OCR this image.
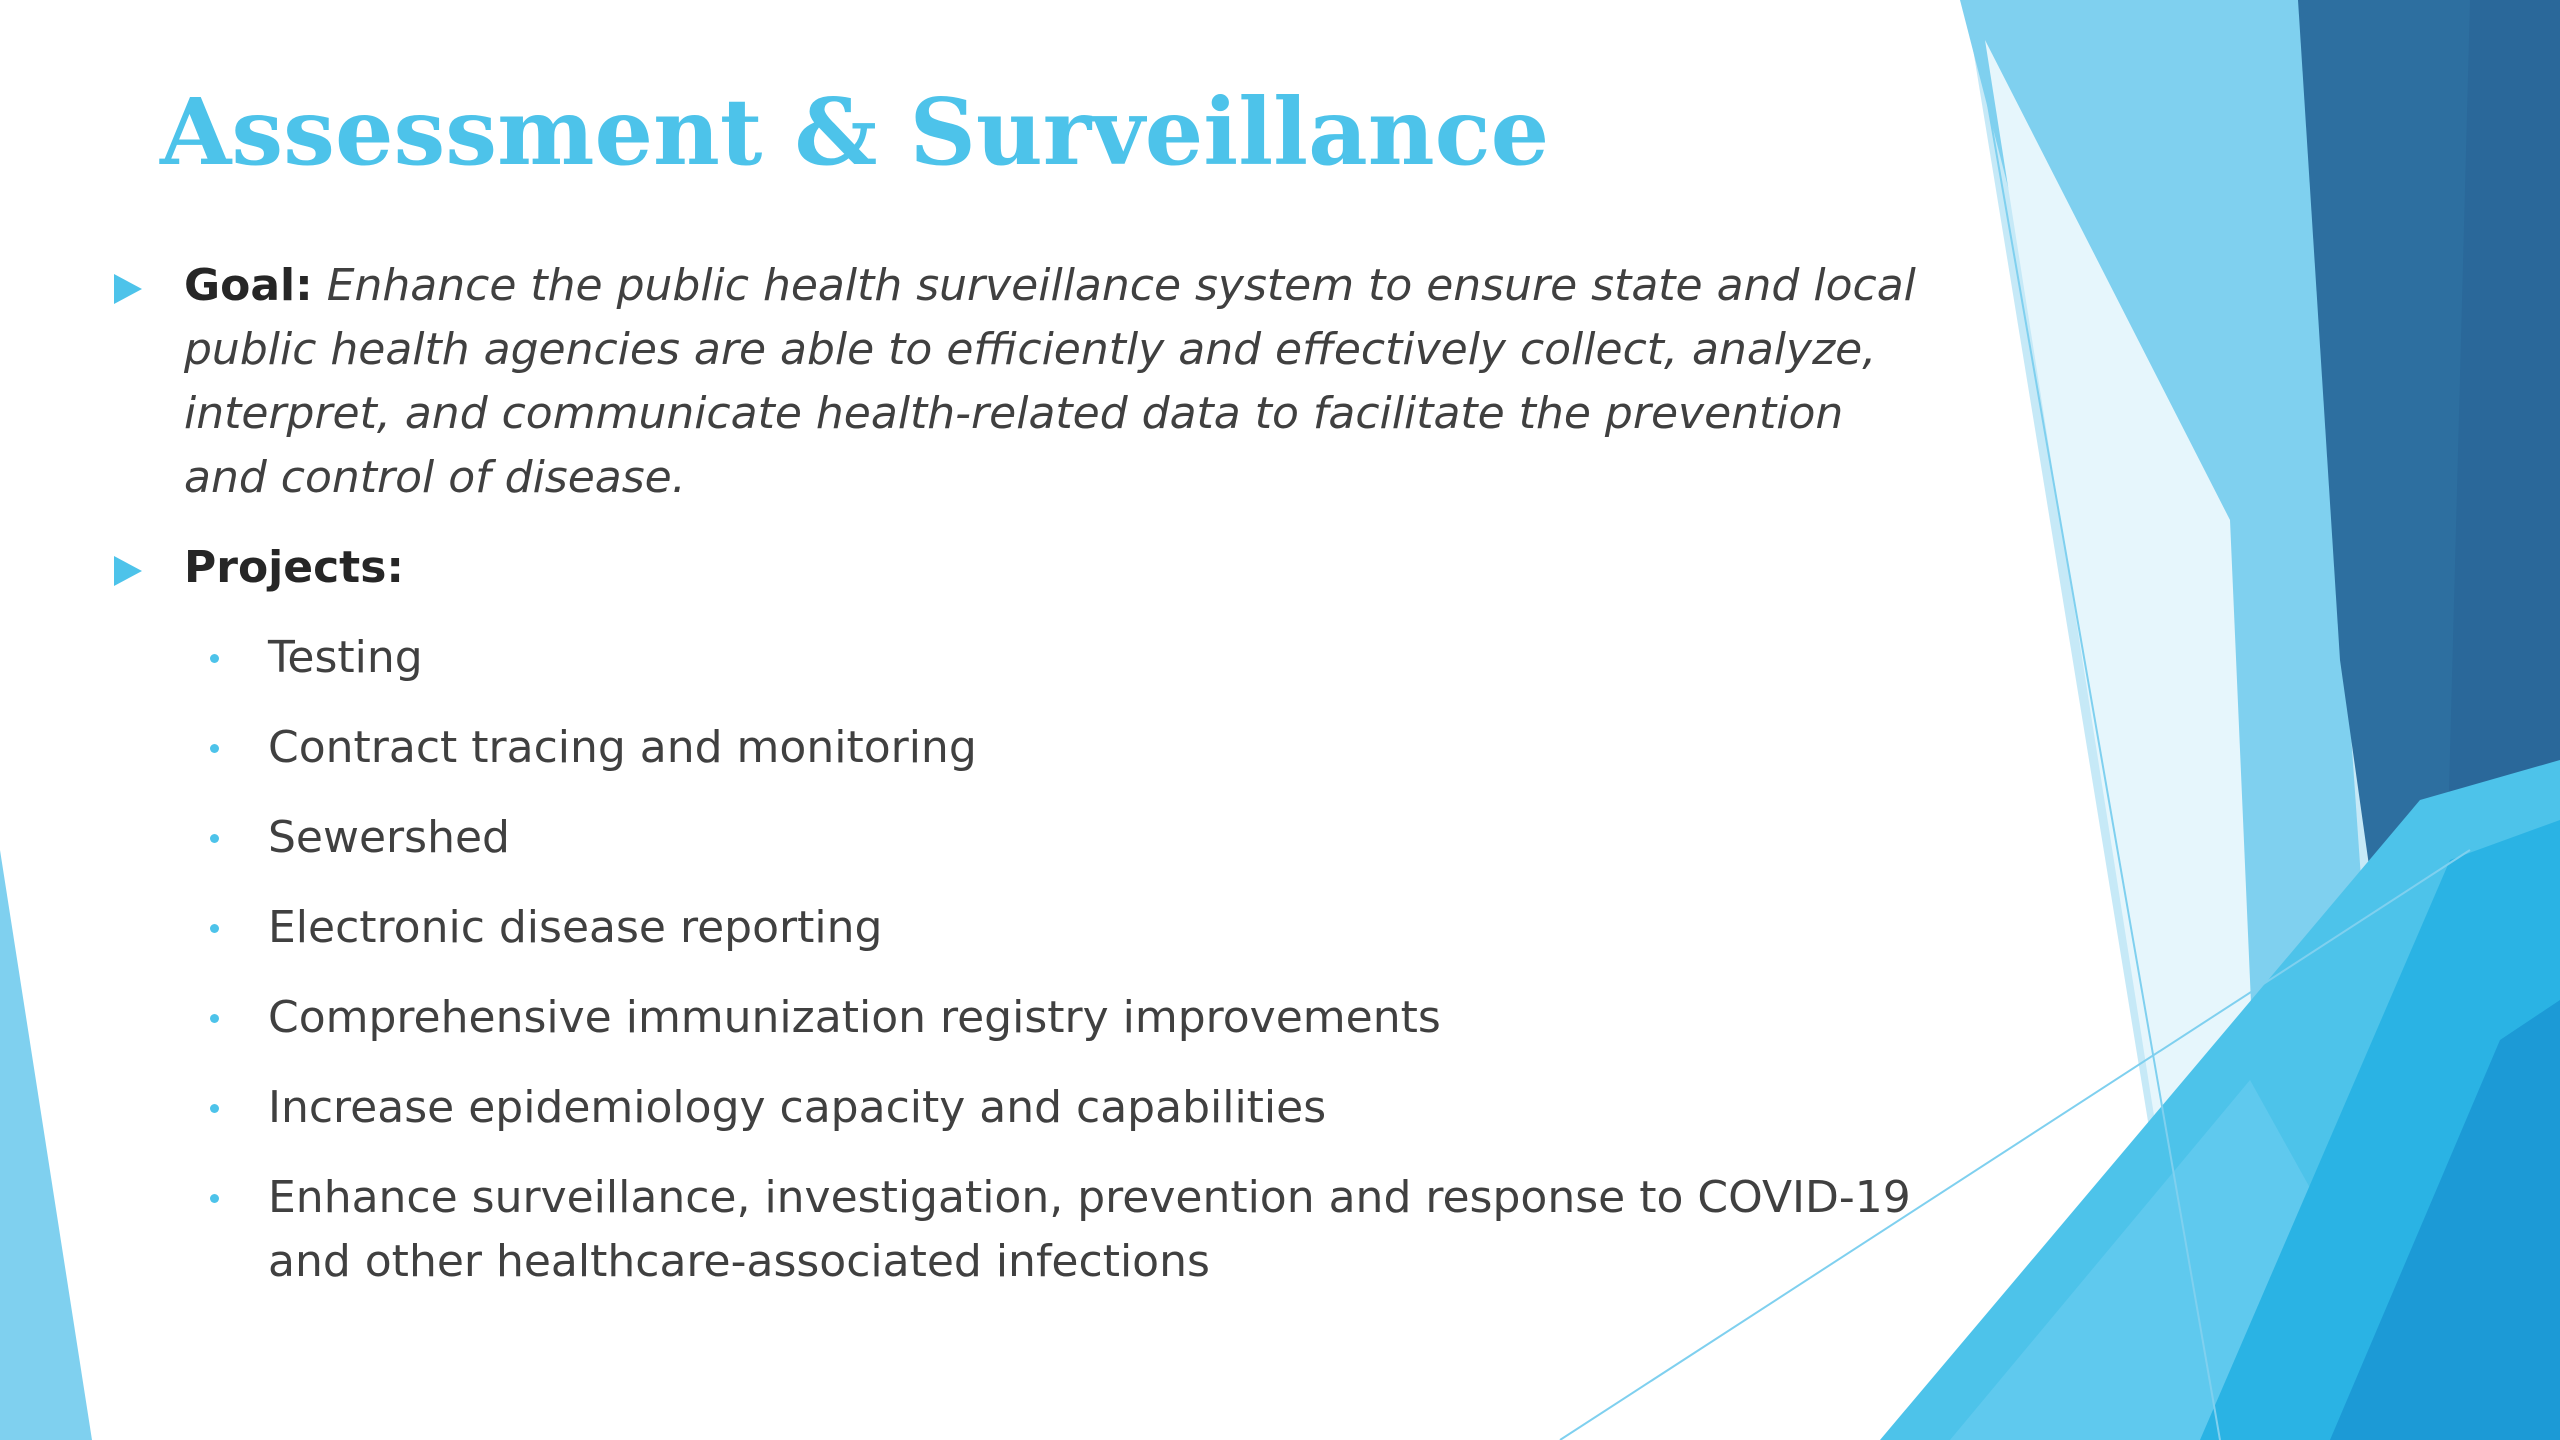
Assessment & Surveillance
Goal: Enhance the public health surveillance system to ensure state and local public health agencies are able to efficiently and effectively collect, analyze, interpret, and communicate health-related data to facilitate the prevention and control of disease.
Projects:
Testing
Contract tracing and monitoring
Sewershed
Electronic disease reporting
Comprehensive immunization registry improvements
Increase epidemiology capacity and capabilities
Enhance surveillance, investigation, prevention and response to COVID-19 and other healthcare-associated infections
